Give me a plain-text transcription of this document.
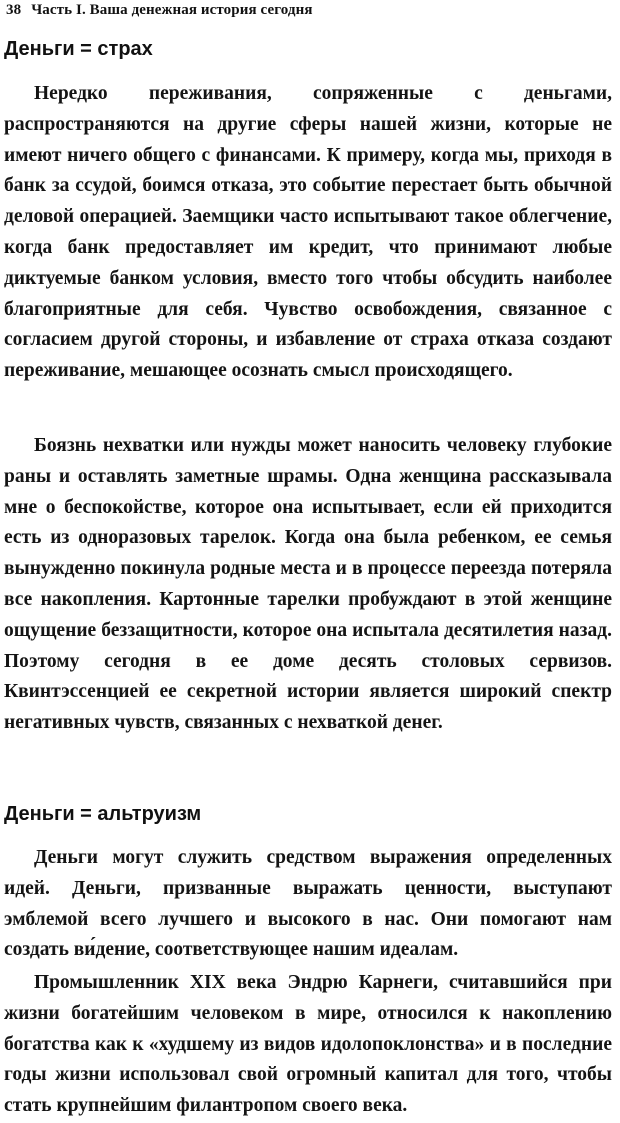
38 Часть I. Ваша денежная история сегодня
Деньги = страх

Нередко переживания, сопряженные с деньгами, распространяются на другие сферы нашей жизни, которые не имеют ничего общего с финансами. К примеру, когда мы, приходя в банк за ссудой, боимся отказа, это событие перестает быть обычной деловой операцией. Заемщики часто испытывают такое облегчение, когда банк предоставляет им кредит, что принимают любые диктуемые банком условия, вместо того чтобы обсудить наиболее благоприятные для себя. Чувство освобождения, связанное с согласием другой стороны, и избавление от страха отказа создают переживание, мешающее осознать смысл происходящего.

Боязнь нехватки или нужды может наносить человеку глубокие раны и оставлять заметные шрамы. Одна женщина рассказывала мне о беспокойстве, которое она испытывает, если ей приходится есть из одноразовых тарелок. Когда она была ребенком, ее семья вынужденно покинула родные места и в процессе переезда потеряла все накопления. Картонные тарелки пробуждают в этой женщине ощущение беззащитности, которое она испытала десятилетия назад. Поэтому сегодня в ее доме десять столовых сервизов. Квинтэссенцией ее секретной истории является широкий спектр негативных чувств, связанных с нехваткой денег.

Деньги = альтруизм

Деньги могут служить средством выражения определенных идей. Деньги, призванные выражать ценности, выступают эмблемой всего лучшего и высокого в нас. Они помогают нам создать ви́дение, соответствующее нашим идеалам.

Промышленник XIX века Эндрю Карнеги, считавшийся при жизни богатейшим человеком в мире, относился к накоплению богатства как к «худшему из видов идолопоклонства» и в последние годы жизни использовал свой огромный капитал для того, чтобы стать крупнейшим филантропом своего века.
